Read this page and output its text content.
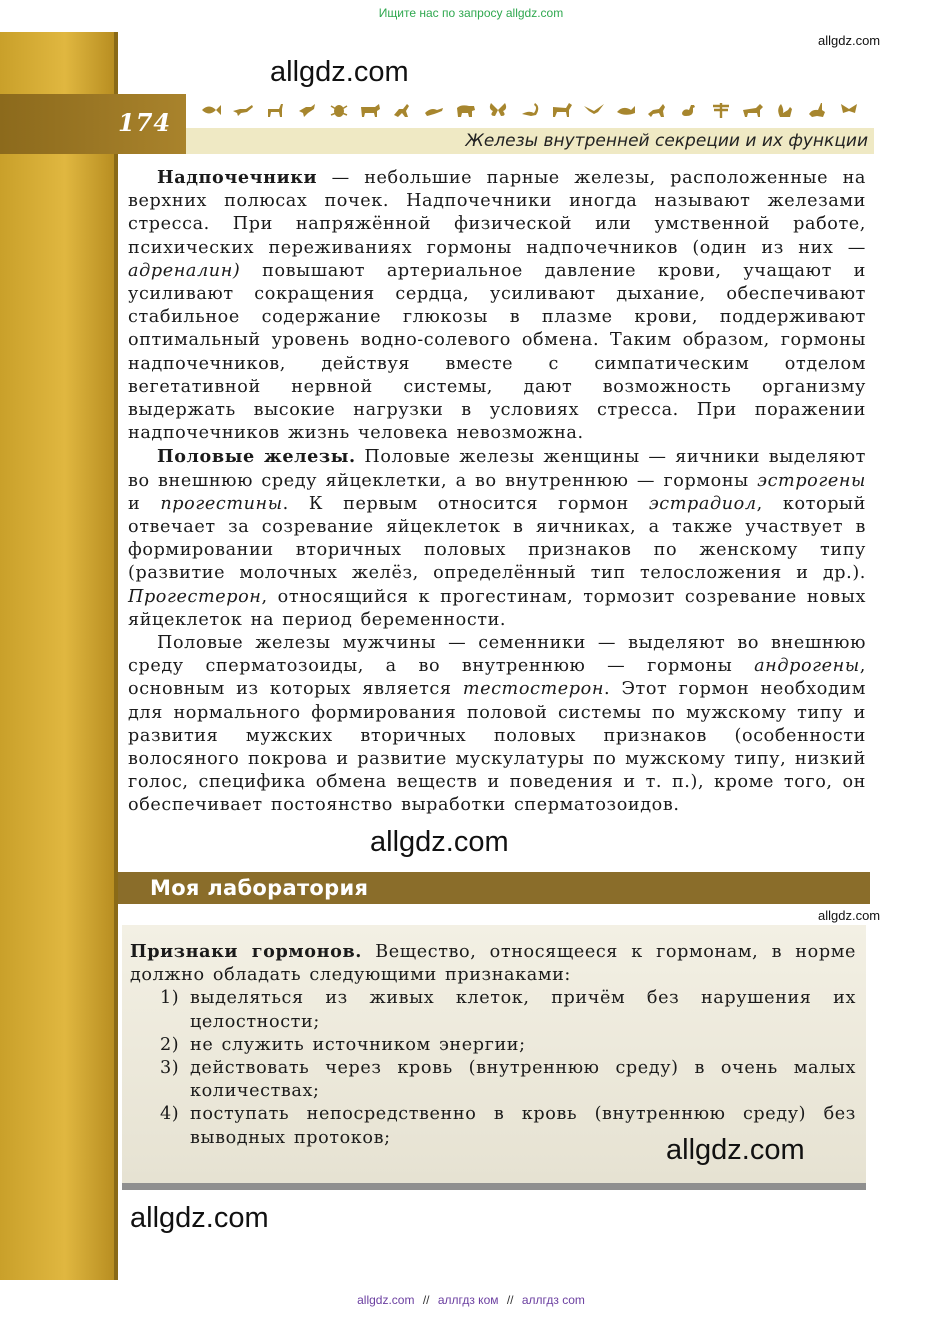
Ищите нас по запросу allgdz.com
174
Железы внутренней секреции и их функции
allgdz.com
allgdz.com

Надпочечники — небольшие парные железы, расположенные на верхних полюсах почек. Надпочечники иногда называют железами стресса. При напряжённой физической или умственной работе, психических переживаниях гормоны надпочечников (один из них — адреналин) повышают артериальное давление крови, учащают и усиливают сокращения сердца, усиливают дыхание, обеспечивают стабильное содержание глюкозы в плазме крови, поддерживают оптимальный уровень водно-солевого обмена. Таким образом, гормоны надпочечников, действуя вместе с симпатическим отделом вегетативной нервной системы, дают возможность организму выдержать высокие нагрузки в условиях стресса. При поражении надпочечников жизнь человека невозможна.

Половые железы. Половые железы женщины — яичники выделяют во внешнюю среду яйцеклетки, а во внутреннюю — гормоны эстрогены и прогестины. К первым относится гормон эстрадиол, который отвечает за созревание яйцеклеток в яичниках, а также участвует в формировании вторичных половых признаков по женскому типу (развитие молочных желёз, определённый тип телосложения и др.). Прогестерон, относящийся к прогестинам, тормозит созревание новых яйцеклеток на период беременности.

Половые железы мужчины — семенники — выделяют во внешнюю среду сперматозоиды, а во внутреннюю — гормоны андрогены, основным из которых является тестостерон. Этот гормон необходим для нормального формирования половой системы по мужскому типу и развития мужских вторичных половых признаков (особенности волосяного покрова и развитие мускулатуры по мужскому типу, низкий голос, специфика обмена веществ и поведения и т. п.), кроме того, он обеспечивает постоянство выработки сперматозоидов.

allgdz.com
Моя лаборатория
allgdz.com

Признаки гормонов. Вещество, относящееся к гормонам, в норме должно обладать следующими признаками:

1) выделяться из живых клеток, причём без нарушения их целостности;
2) не служить источником энергии;
3) действовать через кровь (внутреннюю среду) в очень малых количествах;
4) поступать непосредственно в кровь (внутреннюю среду) без выводных протоков;	allgdz.com
allgdz.com
allgdz.com // аллгдз ком // аллгдз com
